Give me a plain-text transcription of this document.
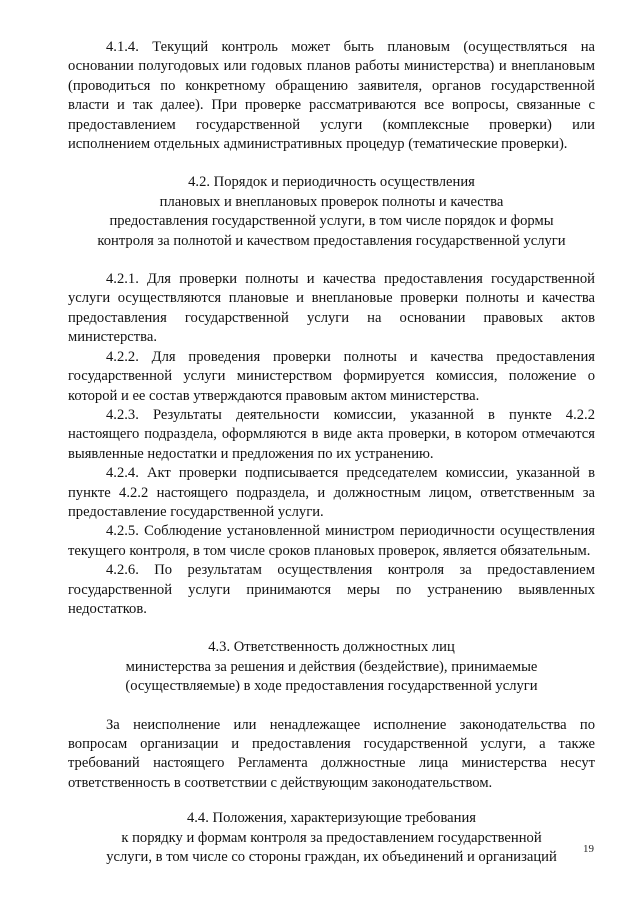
4.1.4. Текущий контроль может быть плановым (осуществляться на основании полугодовых или годовых планов работы министерства) и внеплановым (проводиться по конкретному обращению заявителя, органов государственной власти и так далее). При проверке рассматриваются все вопросы, связанные с предоставлением государственной услуги (комплексные проверки) или исполнением отдельных административных процедур (тематические проверки).

4.2. Порядок и периодичность осуществления
плановых и внеплановых проверок полноты и качества
предоставления государственной услуги, в том числе порядок и формы
контроля за полнотой и качеством предоставления государственной услуги

4.2.1. Для проверки полноты и качества предоставления государственной услуги осуществляются плановые и внеплановые проверки полноты и качества предоставления государственной услуги на основании правовых актов министерства.

4.2.2. Для проведения проверки полноты и качества предоставления государственной услуги министерством формируется комиссия, положение о которой и ее состав утверждаются правовым актом министерства.

4.2.3. Результаты деятельности комиссии, указанной в пункте 4.2.2 настоящего подраздела, оформляются в виде акта проверки, в котором отмечаются выявленные недостатки и предложения по их устранению.

4.2.4. Акт проверки подписывается председателем комиссии, указанной в пункте 4.2.2 настоящего подраздела, и должностным лицом, ответственным за предоставление государственной услуги.

4.2.5. Соблюдение установленной министром периодичности осуществления текущего контроля, в том числе сроков плановых проверок, является обязательным.

4.2.6. По результатам осуществления контроля за предоставлением государственной услуги принимаются меры по устранению выявленных недостатков.

4.3. Ответственность должностных лиц
министерства за решения и действия (бездействие), принимаемые
(осуществляемые) в ходе предоставления государственной услуги

За неисполнение или ненадлежащее исполнение законодательства по вопросам организации и предоставления государственной услуги, а также требований настоящего Регламента должностные лица министерства несут ответственность в соответствии с действующим законодательством.

4.4. Положения, характеризующие требования
к порядку и формам контроля за предоставлением государственной
услуги, в том числе со стороны граждан, их объединений и организаций
19
